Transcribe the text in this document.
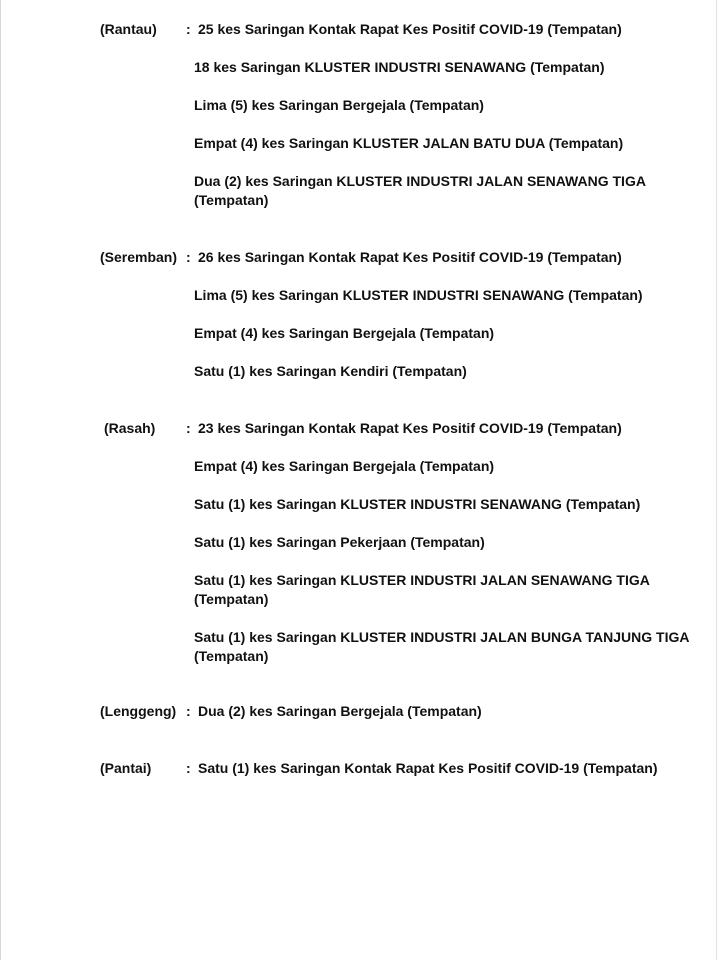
(Rantau) : 25 kes Saringan Kontak Rapat Kes Positif COVID-19 (Tempatan)
18 kes Saringan KLUSTER INDUSTRI SENAWANG (Tempatan)
Lima (5) kes Saringan Bergejala (Tempatan)
Empat (4) kes Saringan KLUSTER JALAN BATU DUA (Tempatan)
Dua (2) kes Saringan KLUSTER INDUSTRI JALAN SENAWANG TIGA (Tempatan)
(Seremban) : 26 kes Saringan Kontak Rapat Kes Positif COVID-19 (Tempatan)
Lima (5) kes Saringan KLUSTER INDUSTRI SENAWANG (Tempatan)
Empat (4) kes Saringan Bergejala (Tempatan)
Satu (1) kes Saringan Kendiri (Tempatan)
(Rasah) : 23 kes Saringan Kontak Rapat Kes Positif COVID-19 (Tempatan)
Empat (4) kes Saringan Bergejala (Tempatan)
Satu (1) kes Saringan KLUSTER INDUSTRI SENAWANG (Tempatan)
Satu (1) kes Saringan Pekerjaan (Tempatan)
Satu (1) kes Saringan KLUSTER INDUSTRI JALAN SENAWANG TIGA (Tempatan)
Satu (1) kes Saringan KLUSTER INDUSTRI JALAN BUNGA TANJUNG TIGA (Tempatan)
(Lenggeng) : Dua (2) kes Saringan Bergejala (Tempatan)
(Pantai) : Satu (1) kes Saringan Kontak Rapat Kes Positif COVID-19 (Tempatan)
